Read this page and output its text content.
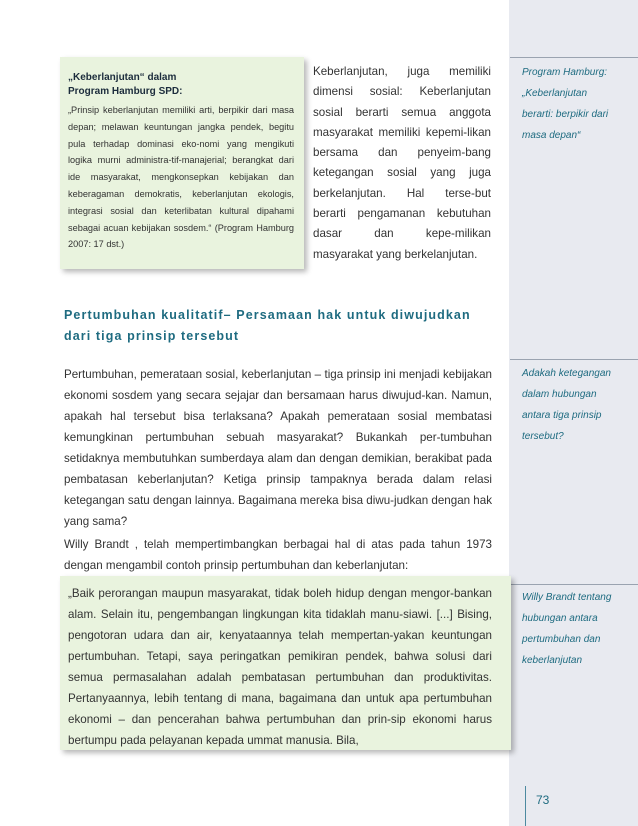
Program Hamburg:
„Keberlanjutan
berarti: berpikir dari
masa depan“
Adakah ketegangan
dalam hubungan
antara tiga prinsip
tersebut?
Willy Brandt tentang
hubungan antara
pertumbuhan dan
keberlanjutan
„Keberlanjutan“ dalam
Program Hamburg SPD:
„Prinsip keberlanjutan memiliki arti, berpikir dari masa depan; melawan keuntungan jangka pendek, begitu pula terhadap dominasi eko-nomi yang mengikuti logika murni administra-tif-manajerial; berangkat dari ide masyarakat, mengkonsepkan kebijakan dan keberagaman demokratis, keberlanjutan ekologis, integrasi sosial dan keterlibatan kultural dipahami sebagai acuan kebijakan sosdem.“ (Program Hamburg 2007: 17 dst.)
Keberlanjutan, juga memiliki dimensi sosial: Keberlanjutan sosial berarti semua anggota masyarakat memiliki kepemi-likan bersama dan penyeim-bang ketegangan sosial yang juga berkelanjutan. Hal terse-but berarti pengamanan kebutuhan dasar dan kepe-milikan masyarakat yang berkelanjutan.
Pertumbuhan kualitatif– Persamaan hak untuk diwujudkan
dari tiga prinsip tersebut
Pertumbuhan, pemerataan sosial, keberlanjutan – tiga prinsip ini menjadi kebijakan ekonomi sosdem yang secara sejajar dan bersamaan harus diwujud-kan. Namun, apakah hal tersebut bisa terlaksana? Apakah pemerataan sosial membatasi kemungkinan pertumbuhan sebuah masyarakat? Bukankah per-tumbuhan setidaknya membutuhkan sumberdaya alam dan dengan demikian, berakibat pada pembatasan keberlanjutan? Ketiga prinsip tampaknya berada dalam relasi ketegangan satu dengan lainnya. Bagaimana mereka bisa diwu-judkan dengan hak yang sama?
Willy Brandt , telah mempertimbangkan berbagai hal di atas pada tahun 1973 dengan mengambil contoh prinsip pertumbuhan dan keberlanjutan:
„Baik perorangan maupun masyarakat, tidak boleh hidup dengan mengor-bankan alam. Selain itu, pengembangan lingkungan kita tidaklah manu-siawi. [...] Bising, pengotoran udara dan air, kenyataannya telah mempertan-yakan keuntungan pertumbuhan. Tetapi, saya peringatkan pemikiran pendek, bahwa solusi dari semua permasalahan adalah pembatasan pertumbuhan dan produktivitas. Pertanyaannya, lebih tentang di mana, bagaimana dan untuk apa pertumbuhan ekonomi – dan pencerahan bahwa pertumbuhan dan prin-sip ekonomi harus bertumpu pada pelayanan kepada ummat manusia. Bila,
73
